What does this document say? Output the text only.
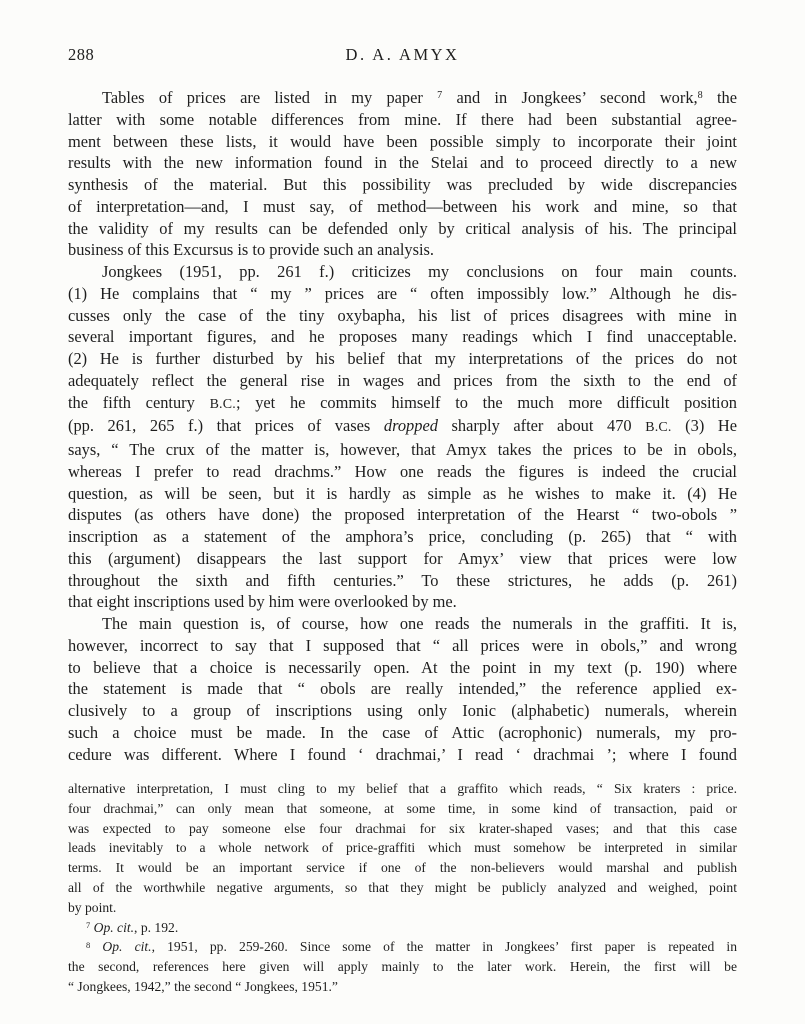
288	D. A. AMYX
Tables of prices are listed in my paper $^7$ and in Jongkees’ second work,$^8$ the
latter with some notable differences from mine. If there had been substantial agree-
ment between these lists, it would have been possible simply to incorporate their joint
results with the new information found in the Stelai and to proceed directly to a new
synthesis of the material. But this possibility was precluded by wide discrepancies
of interpretation—and, I must say, of method—between his work and mine, so that
the validity of my results can be defended only by critical analysis of his. The principal
business of this Excursus is to provide such an analysis.
Jongkees (1951, pp. 261 f.) criticizes my conclusions on four main counts.
(1) He complains that “ my ” prices are “ often impossibly low.” Although he dis-
cusses only the case of the tiny oxybapha, his list of prices disagrees with mine in
several important figures, and he proposes many readings which I find unacceptable.
(2) He is further disturbed by his belief that my interpretations of the prices do not
adequately reflect the general rise in wages and prices from the sixth to the end of
the fifth century B.C.; yet he commits himself to the much more difficult position
(pp. 261, 265 f.) that prices of vases dropped sharply after about 470 B.C. (3) He
says, “ The crux of the matter is, however, that Amyx takes the prices to be in obols,
whereas I prefer to read drachms.” How one reads the figures is indeed the crucial
question, as will be seen, but it is hardly as simple as he wishes to make it. (4) He
disputes (as others have done) the proposed interpretation of the Hearst “ two-obols ”
inscription as a statement of the amphora’s price, concluding (p. 265) that “ with
this (argument) disappears the last support for Amyx’ view that prices were low
throughout the sixth and fifth centuries.” To these strictures, he adds (p. 261)
that eight inscriptions used by him were overlooked by me.
The main question is, of course, how one reads the numerals in the graffiti. It is,
however, incorrect to say that I supposed that “ all prices were in obols,” and wrong
to believe that a choice is necessarily open. At the point in my text (p. 190) where
the statement is made that “ obols are really intended,” the reference applied ex-
clusively to a group of inscriptions using only Ionic (alphabetic) numerals, wherein
such a choice must be made. In the case of Attic (acrophonic) numerals, my pro-
cedure was different. Where I found ‘ drachmai,’ I read ‘ drachmai ’; where I found
alternative interpretation, I must cling to my belief that a graffito which reads, “ Six kraters : price.
four drachmai,” can only mean that someone, at some time, in some kind of transaction, paid or
was expected to pay someone else four drachmai for six krater-shaped vases; and that this case
leads inevitably to a whole network of price-graffiti which must somehow be interpreted in similar
terms. It would be an important service if one of the non-believers would marshal and publish
all of the worthwhile negative arguments, so that they might be publicly analyzed and weighed, point
by point.
$^7$ Op. cit., p. 192.
$^8$ Op. cit., 1951, pp. 259-260. Since some of the matter in Jongkees’ first paper is repeated in
the second, references here given will apply mainly to the later work. Herein, the first will be
“ Jongkees, 1942,” the second “ Jongkees, 1951.”
